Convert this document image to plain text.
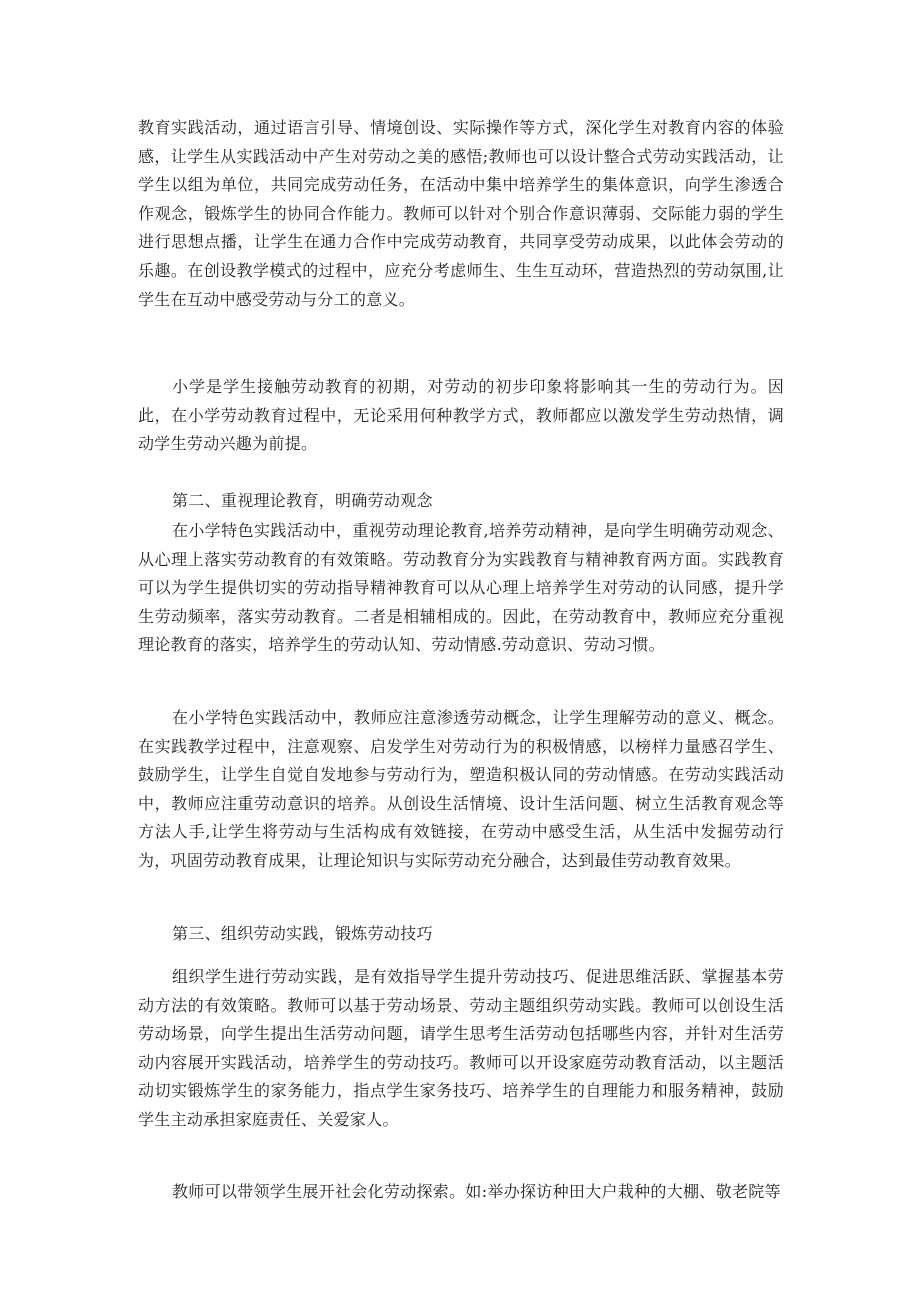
教育实践活动，通过语言引导、情境创设、实际操作等方式，深化学生对教育内容的体验感，让学生从实践活动中产生对劳动之美的感悟;教师也可以设计整合式劳动实践活动，让学生以组为单位，共同完成劳动任务，在活动中集中培养学生的集体意识，向学生渗透合作观念，锻炼学生的协同合作能力。教师可以针对个别合作意识薄弱、交际能力弱的学生进行思想点播，让学生在通力合作中完成劳动教育，共同享受劳动成果，以此体会劳动的乐趣。在创设教学模式的过程中，应充分考虑师生、生生互动环，营造热烈的劳动氛围,让学生在互动中感受劳动与分工的意义。

小学是学生接触劳动教育的初期，对劳动的初步印象将影响其一生的劳动行为。因此，在小学劳动教育过程中，无论采用何种教学方式，教师都应以激发学生劳动热情，调动学生劳动兴趣为前提。

第二、重视理论教育，明确劳动观念

在小学特色实践活动中，重视劳动理论教育,培养劳动精神，是向学生明确劳动观念、从心理上落实劳动教育的有效策略。劳动教育分为实践教育与精神教育两方面。实践教育可以为学生提供切实的劳动指导精神教育可以从心理上培养学生对劳动的认同感，提升学生劳动频率，落实劳动教育。二者是相辅相成的。因此，在劳动教育中，教师应充分重视理论教育的落实，培养学生的劳动认知、劳动情感.劳动意识、劳动习惯。

在小学特色实践活动中，教师应注意渗透劳动概念，让学生理解劳动的意义、概念。在实践教学过程中，注意观察、启发学生对劳动行为的积极情感，以榜样力量感召学生、鼓励学生，让学生自觉自发地参与劳动行为，塑造积极认同的劳动情感。在劳动实践活动中，教师应注重劳动意识的培养。从创设生活情境、设计生活问题、树立生活教育观念等方法人手,让学生将劳动与生活构成有效链接，在劳动中感受生活，从生活中发掘劳动行为，巩固劳动教育成果，让理论知识与实际劳动充分融合，达到最佳劳动教育效果。

第三、组织劳动实践，锻炼劳动技巧

组织学生进行劳动实践，是有效指导学生提升劳动技巧、促进思维活跃、掌握基本劳动方法的有效策略。教师可以基于劳动场景、劳动主题组织劳动实践。教师可以创设生活劳动场景，向学生提出生活劳动问题，请学生思考生活劳动包括哪些内容，并针对生活劳动内容展开实践活动，培养学生的劳动技巧。教师可以开设家庭劳动教育活动，以主题活动切实锻炼学生的家务能力，指点学生家务技巧、培养学生的自理能力和服务精神，鼓励学生主动承担家庭责任、关爱家人。

教师可以带领学生展开社会化劳动探索。如:举办探访种田大户栽种的大棚、敬老院等
